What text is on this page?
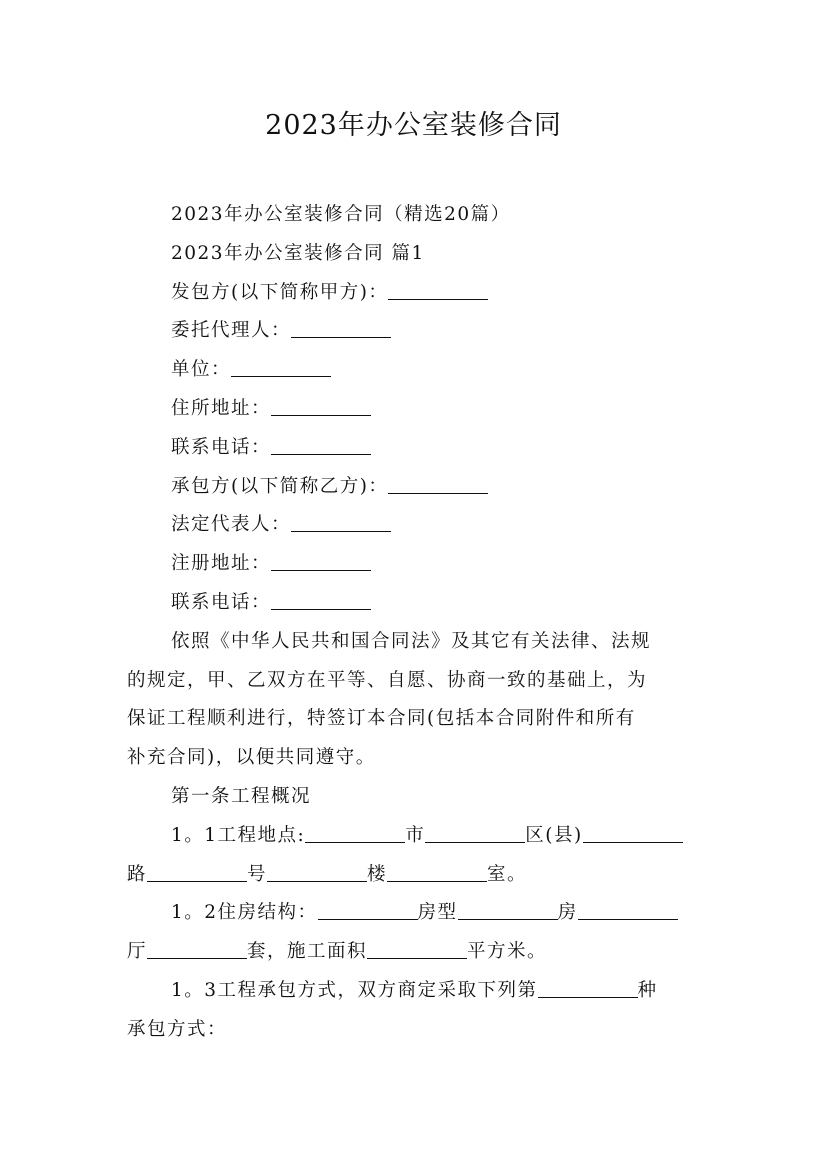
2023年办公室装修合同
2023年办公室装修合同（精选20篇）
2023年办公室装修合同 篇1
发包方(以下简称甲方)：
委托代理人：
单位：
住所地址：
联系电话：
承包方(以下简称乙方)：
法定代表人：
注册地址：
联系电话：
依照《中华人民共和国合同法》及其它有关法律、法规
的规定，甲、乙双方在平等、自愿、协商一致的基础上，为
保证工程顺利进行，特签订本合同(包括本合同附件和所有
补充合同)，以便共同遵守。
第一条工程概况
1。1工程地点:	市	区(县)
路	号	楼	室。
1。2住房结构：	房型	房
厅	套，施工面积	平方米。
1。3工程承包方式，双方商定采取下列第	种
承包方式：
